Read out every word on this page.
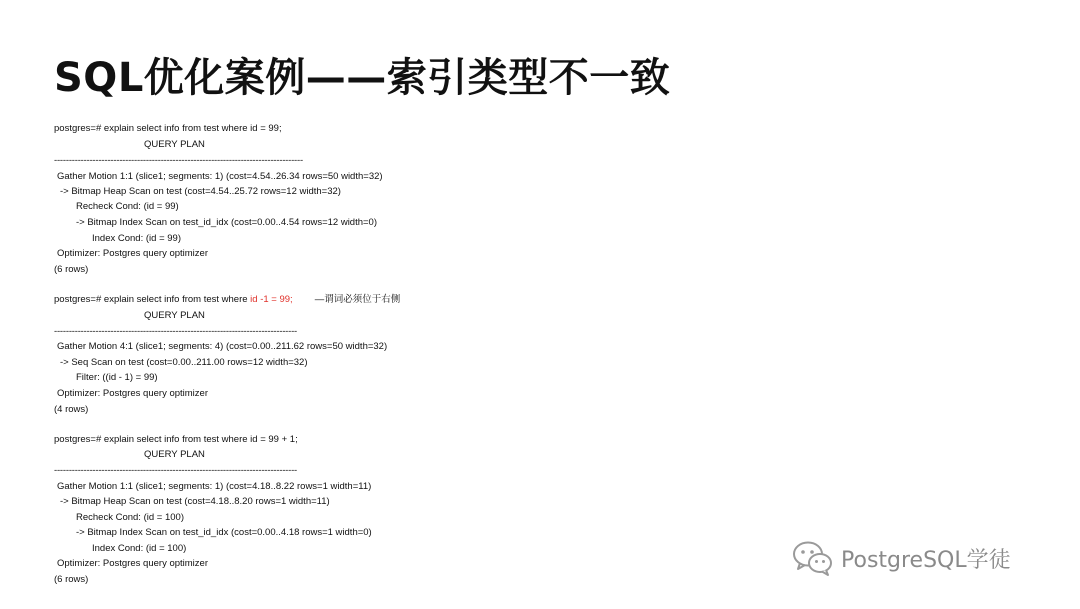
SQL优化案例——索引类型不一致
postgres=# explain select info from test where id = 99;
QUERY PLAN
------------------------------------------------------------------------------------
Gather Motion 1:1 (slice1; segments: 1) (cost=4.54..26.34 rows=50 width=32)
-> Bitmap Heap Scan on test (cost=4.54..25.72 rows=12 width=32)
Recheck Cond: (id = 99)
-> Bitmap Index Scan on test_id_idx (cost=0.00..4.54 rows=12 width=0)
Index Cond: (id = 99)
Optimizer: Postgres query optimizer
(6 rows)
postgres=# explain select info from test where id -1 = 99; —谓词必须位于右侧
QUERY PLAN
----------------------------------------------------------------------------------
Gather Motion 4:1 (slice1; segments: 4) (cost=0.00..211.62 rows=50 width=32)
-> Seq Scan on test (cost=0.00..211.00 rows=12 width=32)
Filter: ((id - 1) = 99)
Optimizer: Postgres query optimizer
(4 rows)
postgres=# explain select info from test where id = 99 + 1;
QUERY PLAN
----------------------------------------------------------------------------------
Gather Motion 1:1 (slice1; segments: 1) (cost=4.18..8.22 rows=1 width=11)
-> Bitmap Heap Scan on test (cost=4.18..8.20 rows=1 width=11)
Recheck Cond: (id = 100)
-> Bitmap Index Scan on test_id_idx (cost=0.00..4.18 rows=1 width=0)
Index Cond: (id = 100)
Optimizer: Postgres query optimizer
(6 rows)
PostgreSQL学徒
